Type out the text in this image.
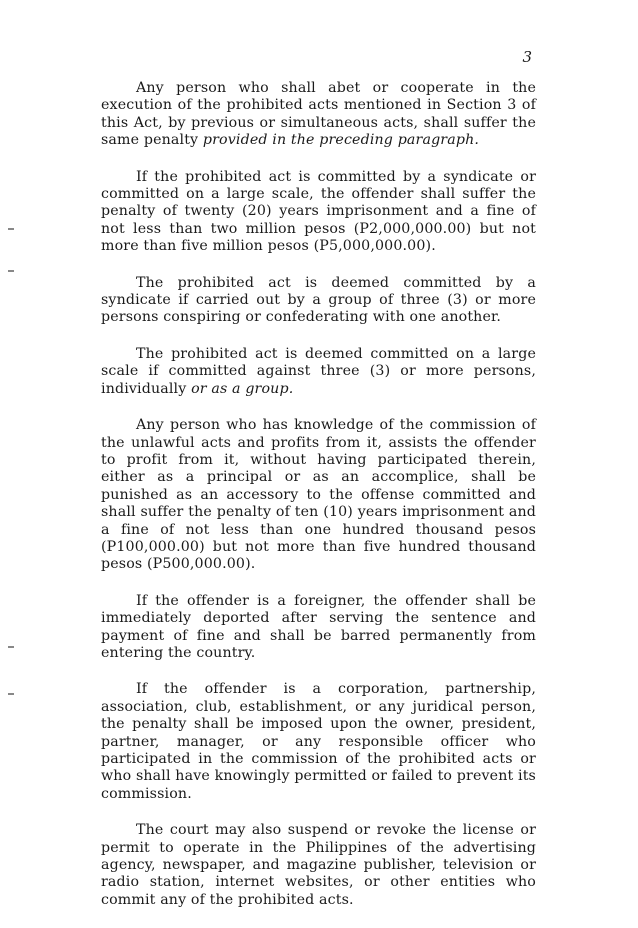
3

Any person who shall abet or cooperate in the execution of the prohibited acts mentioned in Section 3 of this Act, by previous or simultaneous acts, shall suffer the same penalty provided in the preceding paragraph.

If the prohibited act is committed by a syndicate or committed on a large scale, the offender shall suffer the penalty of twenty (20) years imprisonment and a fine of not less than two million pesos (P2,000,000.00) but not more than five million pesos (P5,000,000.00).

The prohibited act is deemed committed by a syndicate if carried out by a group of three (3) or more persons conspiring or confederating with one another.

The prohibited act is deemed committed on a large scale if committed against three (3) or more persons, individually or as a group.

Any person who has knowledge of the commission of the unlawful acts and profits from it, assists the offender to profit from it, without having participated therein, either as a principal or as an accomplice, shall be punished as an accessory to the offense committed and shall suffer the penalty of ten (10) years imprisonment and a fine of not less than one hundred thousand pesos (P100,000.00) but not more than five hundred thousand pesos (P500,000.00).

If the offender is a foreigner, the offender shall be immediately deported after serving the sentence and payment of fine and shall be barred permanently from entering the country.

If the offender is a corporation, partnership, association, club, establishment, or any juridical person, the penalty shall be imposed upon the owner, president, partner, manager, or any responsible officer who participated in the commission of the prohibited acts or who shall have knowingly permitted or failed to prevent its commission.

The court may also suspend or revoke the license or permit to operate in the Philippines of the advertising agency, newspaper, and magazine publisher, television or radio station, internet websites, or other entities who commit any of the prohibited acts.
